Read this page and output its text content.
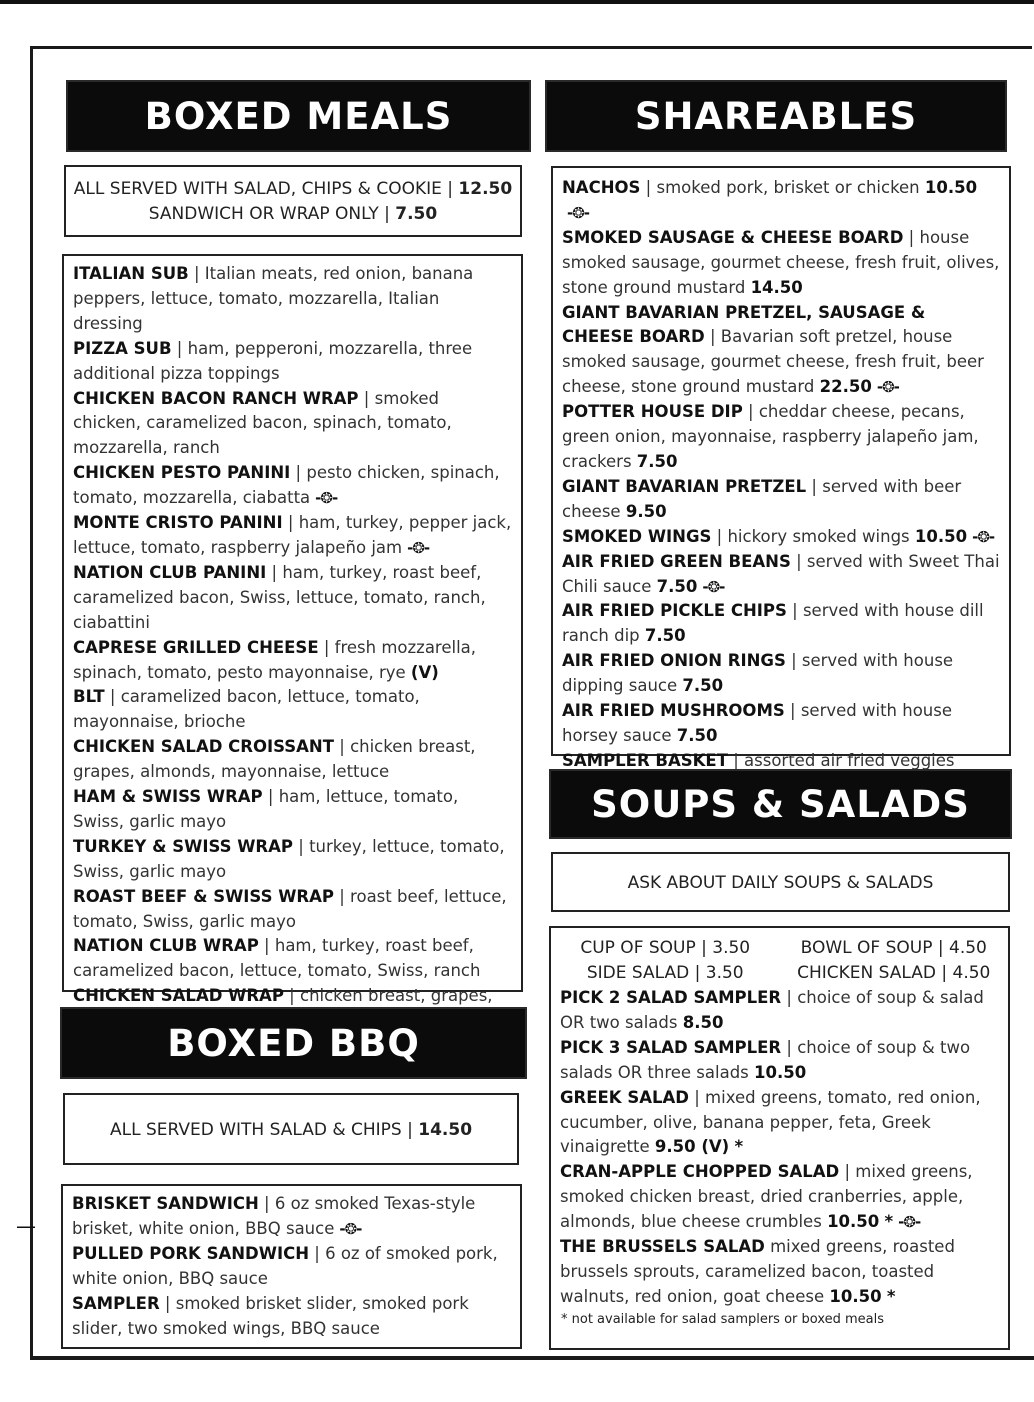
—
BOXED MEALS
ALL SERVED WITH SALAD, CHIPS & COOKIE | 12.50
SANDWICH OR WRAP ONLY | 7.50
ITALIAN SUB | Italian meats, red onion, banana peppers, lettuce, tomato, mozzarella, Italian dressing
PIZZA SUB | ham, pepperoni, mozzarella, three additional pizza toppings
CHICKEN BACON RANCH WRAP | smoked chicken, caramelized bacon, spinach, tomato, mozzarella, ranch
CHICKEN PESTO PANINI | pesto chicken, spinach, tomato, mozzarella, ciabatta -❂-
MONTE CRISTO PANINI | ham, turkey, pepper jack, lettuce, tomato, raspberry jalapeño jam -❂-
NATION CLUB PANINI | ham, turkey, roast beef, caramelized bacon, Swiss, lettuce, tomato, ranch, ciabattini
CAPRESE GRILLED CHEESE | fresh mozzarella, spinach, tomato, pesto mayonnaise, rye (V)
BLT | caramelized bacon, lettuce, tomato, mayonnaise, brioche
CHICKEN SALAD CROISSANT | chicken breast, grapes, almonds, mayonnaise, lettuce
HAM & SWISS WRAP | ham, lettuce, tomato, Swiss, garlic mayo
TURKEY & SWISS WRAP | turkey, lettuce, tomato, Swiss, garlic mayo
ROAST BEEF & SWISS WRAP | roast beef, lettuce, tomato, Swiss, garlic mayo
NATION CLUB WRAP | ham, turkey, roast beef, caramelized bacon, lettuce, tomato, Swiss, ranch
CHICKEN SALAD WRAP | chicken breast, grapes,
BOXED BBQ
ALL SERVED WITH SALAD & CHIPS | 14.50
BRISKET SANDWICH | 6 oz smoked Texas-style brisket, white onion, BBQ sauce -❂-
PULLED PORK SANDWICH | 6 oz of smoked pork, white onion, BBQ sauce
SAMPLER | smoked brisket slider, smoked pork slider, two smoked wings, BBQ sauce
SHAREABLES
NACHOS | smoked pork, brisket or chicken 10.50-❂-
SMOKED SAUSAGE & CHEESE BOARD | house smoked sausage, gourmet cheese, fresh fruit, olives, stone ground mustard 14.50
GIANT BAVARIAN PRETZEL, SAUSAGE & CHEESE BOARD | Bavarian soft pretzel, house smoked sausage, gourmet cheese, fresh fruit, beer cheese, stone ground mustard 22.50 -❂-
POTTER HOUSE DIP | cheddar cheese, pecans, green onion, mayonnaise, raspberry jalapeño jam, crackers 7.50
GIANT BAVARIAN PRETZEL | served with beer cheese 9.50
SMOKED WINGS | hickory smoked wings 10.50 -❂-
AIR FRIED GREEN BEANS | served with Sweet Thai Chili sauce 7.50 -❂-
AIR FRIED PICKLE CHIPS | served with house dill ranch dip 7.50
AIR FRIED ONION RINGS | served with house dipping sauce 7.50
AIR FRIED MUSHROOMS | served with house horsey sauce 7.50
SAMPLER BASKET | assorted air fried veggies
SOUPS & SALADS
ASK ABOUT DAILY SOUPS & SALADS
CUP OF SOUP | 3.50	BOWL OF SOUP | 4.50
SIDE SALAD | 3.50	CHICKEN SALAD | 4.50
PICK 2 SALAD SAMPLER | choice of soup & salad OR two salads 8.50
PICK 3 SALAD SAMPLER | choice of soup & two salads OR three salads 10.50
GREEK SALAD | mixed greens, tomato, red onion, cucumber, olive, banana pepper, feta, Greek vinaigrette 9.50 (V) *
CRAN-APPLE CHOPPED SALAD | mixed greens, smoked chicken breast, dried cranberries, apple, almonds, blue cheese crumbles 10.50 * -❂-
THE BRUSSELS SALAD mixed greens, roasted brussels sprouts, caramelized bacon, toasted walnuts, red onion, goat cheese 10.50 *
* not available for salad samplers or boxed meals
